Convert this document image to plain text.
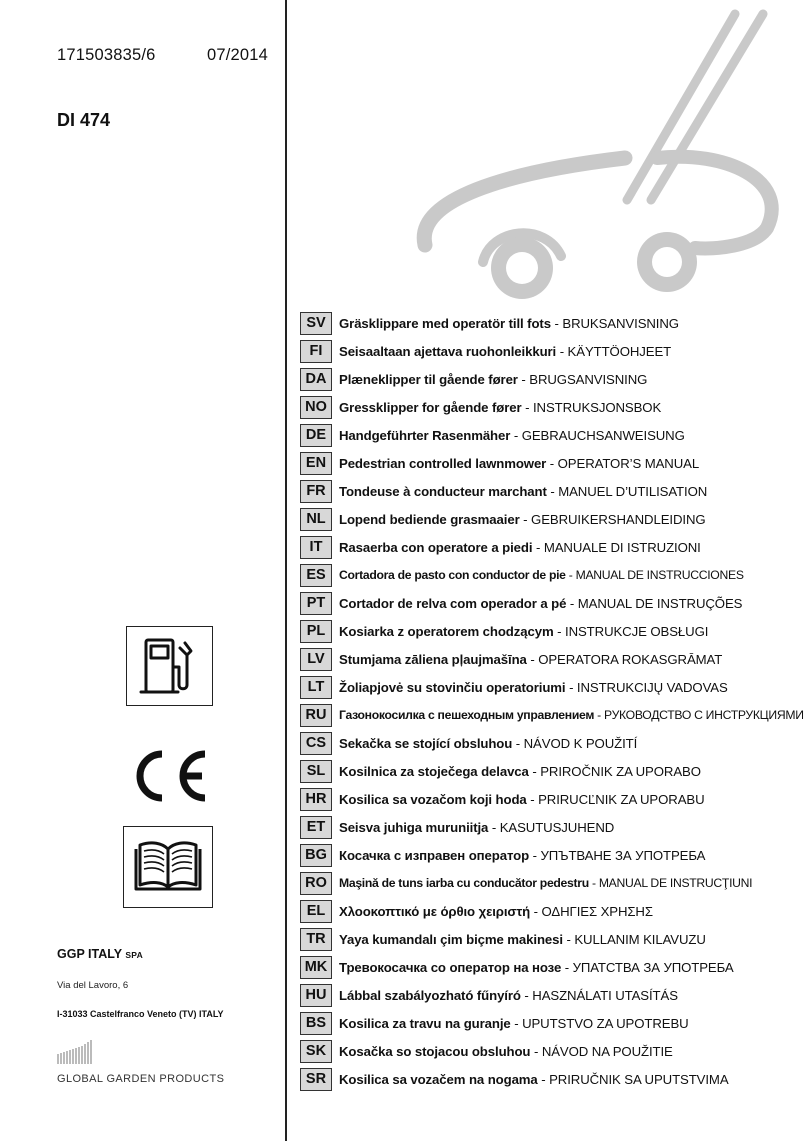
171503835/6	07/2014
DI 474
SV	Gräsklippare med operatör till fots - BRUKSANVISNING
FI	Seisaaltaan ajettava ruohonleikkuri - KÄYTTÖOHJEET
DA Plæneklipper til gående fører - BRUGSANVISNING
NO Gressklipper for gående fører - INSTRUKSJONSBOK
DE Handgeführter Rasenmäher - GEBRAUCHSANWEISUNG
EN Pedestrian controlled lawnmower - OPERATOR’S MANUAL
FR	Tondeuse à conducteur marchant - MANUEL D’UTILISATION
NL	Lopend bediende grasmaaier - GEBRUIKERSHANDLEIDING
IT	Rasaerba con operatore a piedi - MANUALE DI ISTRUZIONI
ES	Cortadora de pasto con conductor de pie - MANUAL DE INSTRUCCIONES
PT	Cortador de relva com operador a pé - MANUAL DE INSTRUÇÕES
PL	Kosiarka z operatorem chodzącym - INSTRUKCJE OBSŁUGI
LV	Stumjama zāliena pļaujmašīna - OPERATORA ROKASGRĀMAT
LT	Žoliapjovė su stovinčiu operatoriumi - INSTRUKCIJŲ VADOVAS
RU	Газонокосилка с пешеходным управлением - РУКОВОДСТВО С ИНСТРУКЦИЯМИ
CS Sekačka se stojící obsluhou - NÁVOD K POUŽITÍ
SL	Kosilnica za stoječega delavca - PRIROČNIK ZA UPORABO
HR Kosilica sa vozačom koji hoda - PRIRUCĽNIK ZA UPORABU
ET	Seisva juhiga muruniitja - KASUTUSJUHEND
BG Косачка с изправен оператор - УПЪТВАНЕ ЗА УПОТРЕБА
RO Maşină de tuns iarba cu conducător pedestru - MANUAL DE INSTRUCŢIUNI
EL	Χλοοκοπτικό με όρθιο χειριστή - ΟΔΗΓΙΕΣ ΧΡΗΣΗΣ
TR	Yaya kumandalı çim biçme makinesi - KULLANIM KILAVUZU
MK Тревокосачка со оператор на нозе - УПАТСТВА ЗА УПОТРЕБА
HU Lábbal szabályozható fűnyíró - HASZNÁLATI UTASÍTÁS
BS Kosilica za travu na guranje - UPUTSTVO ZA UPOTREBU
SK Kosačka so stojacou obsluhou - NÁVOD NA POUŽITIE
SR Kosilica sa vozačem na nogama - PRIRUČNIK SA UPUTSTVIMA
GGP ITALY SPA
Via del Lavoro, 6
I-31033 Castelfranco Veneto (TV) ITALY
GLOBAL GARDEN PRODUCTS
